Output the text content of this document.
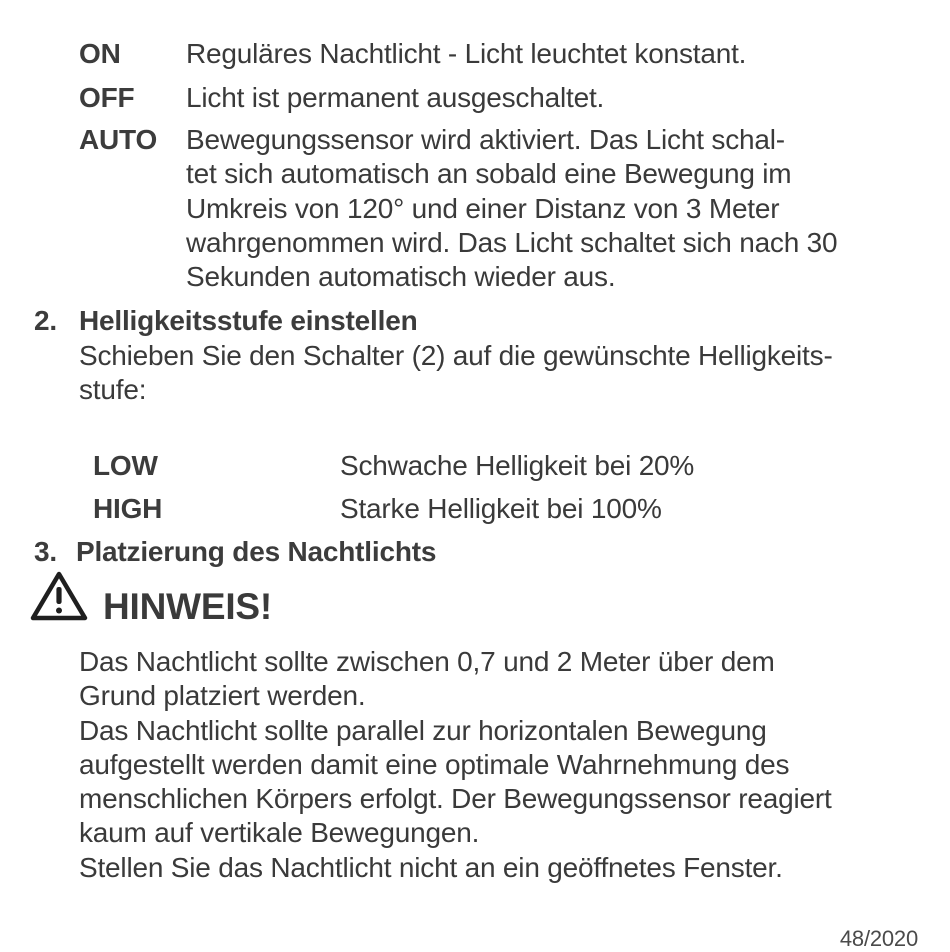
ON Reguläres Nachtlicht - Licht leuchtet konstant.
OFF Licht ist permanent ausgeschaltet.
AUTO Bewegungssensor wird aktiviert. Das Licht schal-
tet sich automatisch an sobald eine Bewegung im
Umkreis von 120° und einer Distanz von 3 Meter
wahrgenommen wird. Das Licht schaltet sich nach 30
Sekunden automatisch wieder aus.
2. Helligkeitsstufe einstellen
Schieben Sie den Schalter (2) auf die gewünschte Helligkeits-
stufe:
LOW	Schwache Helligkeit bei 20%
HIGH	Starke Helligkeit bei 100%
3. Platzierung des Nachtlichts
HINWEIS!
Das Nachtlicht sollte zwischen 0,7 und 2 Meter über dem
Grund platziert werden.
Das Nachtlicht sollte parallel zur horizontalen Bewegung
aufgestellt werden damit eine optimale Wahrnehmung des
menschlichen Körpers erfolgt. Der Bewegungssensor reagiert
kaum auf vertikale Bewegungen.
Stellen Sie das Nachtlicht nicht an ein geöffnetes Fenster.
48/2020
